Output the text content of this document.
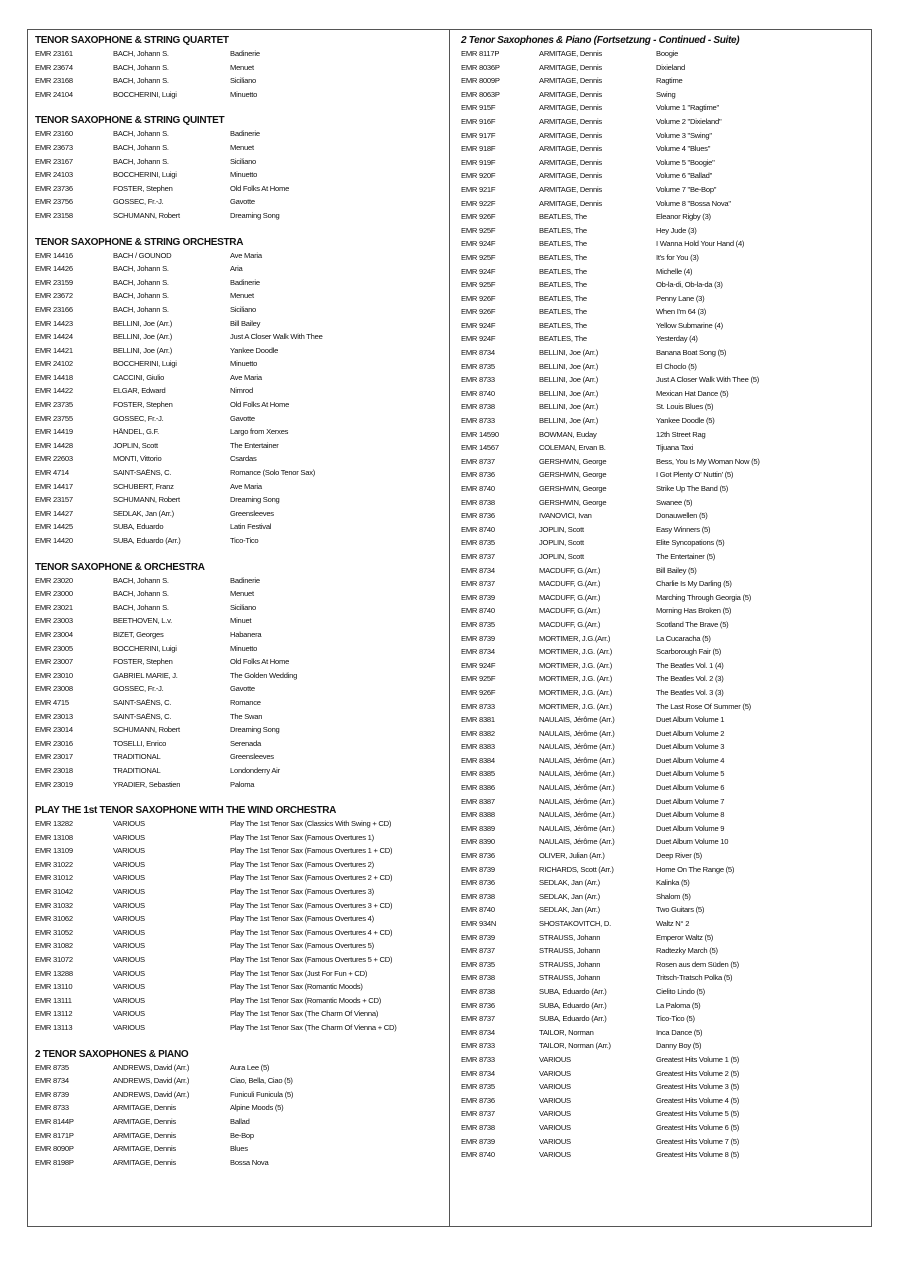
TENOR SAXOPHONE & STRING QUARTET
EMR 23161	BACH, Johann S.	Badinerie
EMR 23674	BACH, Johann S.	Menuet
EMR 23168	BACH, Johann S.	Siciliano
EMR 24104	BOCCHERINI, Luigi	Minuetto
TENOR SAXOPHONE & STRING QUINTET
EMR 23160	BACH, Johann S.	Badinerie
EMR 23673	BACH, Johann S.	Menuet
EMR 23167	BACH, Johann S.	Siciliano
EMR 24103	BOCCHERINI, Luigi	Minuetto
EMR 23736	FOSTER, Stephen	Old Folks At Home
EMR 23756	GOSSEC, Fr.-J.	Gavotte
EMR 23158	SCHUMANN, Robert	Dreaming Song
TENOR SAXOPHONE & STRING ORCHESTRA
EMR 14416	BACH / GOUNOD	Ave Maria
EMR 14426	BACH, Johann S.	Aria
EMR 23159	BACH, Johann S.	Badinerie
EMR 23672	BACH, Johann S.	Menuet
EMR 23166	BACH, Johann S.	Siciliano
EMR 14423	BELLINI, Joe (Arr.)	Bill Bailey
EMR 14424	BELLINI, Joe (Arr.)	Just A Closer Walk With Thee
EMR 14421	BELLINI, Joe (Arr.)	Yankee Doodle
EMR 24102	BOCCHERINI, Luigi	Minuetto
EMR 14418	CACCINI, Giulio	Ave Maria
EMR 14422	ELGAR, Edward	Nimrod
EMR 23735	FOSTER, Stephen	Old Folks At Home
EMR 23755	GOSSEC, Fr.-J.	Gavotte
EMR 14419	HÄNDEL, G.F.	Largo from Xerxes
EMR 14428	JOPLIN, Scott	The Entertainer
EMR 22603	MONTI, Vittorio	Csardas
EMR 4714	SAINT-SAËNS, C.	Romance (Solo Tenor Sax)
EMR 14417	SCHUBERT, Franz	Ave Maria
EMR 23157	SCHUMANN, Robert	Dreaming Song
EMR 14427	SEDLAK, Jan (Arr.)	Greensleeves
EMR 14425	SUBA, Eduardo	Latin Festival
EMR 14420	SUBA, Eduardo (Arr.)	Tico-Tico
TENOR SAXOPHONE & ORCHESTRA
EMR 23020	BACH, Johann S.	Badinerie
EMR 23000	BACH, Johann S.	Menuet
EMR 23021	BACH, Johann S.	Siciliano
EMR 23003	BEETHOVEN, L.v.	Minuet
EMR 23004	BIZET, Georges	Habanera
EMR 23005	BOCCHERINI, Luigi	Minuetto
EMR 23007	FOSTER, Stephen	Old Folks At Home
EMR 23010	GABRIEL MARIE, J.	The Golden Wedding
EMR 23008	GOSSEC, Fr.-J.	Gavotte
EMR 4715	SAINT-SAËNS, C.	Romance
EMR 23013	SAINT-SAËNS, C.	The Swan
EMR 23014	SCHUMANN, Robert	Dreaming Song
EMR 23016	TOSELLI, Enrico	Serenada
EMR 23017	TRADITIONAL	Greensleeves
EMR 23018	TRADITIONAL	Londonderry Air
EMR 23019	YRADIER, Sebastien	Paloma
PLAY THE 1st TENOR SAXOPHONE WITH THE WIND ORCHESTRA
EMR 13282	VARIOUS	Play The 1st Tenor Sax (Classics With Swing + CD)
EMR 13108	VARIOUS	Play The 1st Tenor Sax (Famous Overtures 1)
EMR 13109	VARIOUS	Play The 1st Tenor Sax (Famous Overtures 1 + CD)
EMR 31022	VARIOUS	Play The 1st Tenor Sax (Famous Overtures 2)
EMR 31012	VARIOUS	Play The 1st Tenor Sax (Famous Overtures 2 + CD)
EMR 31042	VARIOUS	Play The 1st Tenor Sax (Famous Overtures 3)
EMR 31032	VARIOUS	Play The 1st Tenor Sax (Famous Overtures 3 + CD)
EMR 31062	VARIOUS	Play The 1st Tenor Sax (Famous Overtures 4)
EMR 31052	VARIOUS	Play The 1st Tenor Sax (Famous Overtures 4 + CD)
EMR 31082	VARIOUS	Play The 1st Tenor Sax (Famous Overtures 5)
EMR 31072	VARIOUS	Play The 1st Tenor Sax (Famous Overtures 5 + CD)
EMR 13288	VARIOUS	Play The 1st Tenor Sax (Just For Fun + CD)
EMR 13110	VARIOUS	Play The 1st Tenor Sax (Romantic Moods)
EMR 13111	VARIOUS	Play The 1st Tenor Sax (Romantic Moods + CD)
EMR 13112	VARIOUS	Play The 1st Tenor Sax (The Charm Of Vienna)
EMR 13113	VARIOUS	Play The 1st Tenor Sax (The Charm Of Vienna + CD)
2 TENOR SAXOPHONES & PIANO
EMR 8735	ANDREWS, David (Arr.)	Aura Lee (5)
EMR 8734	ANDREWS, David (Arr.)	Ciao, Bella, Ciao (5)
EMR 8739	ANDREWS, David (Arr.)	Funiculi Funicula (5)
EMR 8733	ARMITAGE, Dennis	Alpine Moods (5)
EMR 8144P	ARMITAGE, Dennis	Ballad
EMR 8171P	ARMITAGE, Dennis	Be-Bop
EMR 8090P	ARMITAGE, Dennis	Blues
EMR 8198P	ARMITAGE, Dennis	Bossa Nova
2 Tenor Saxophones & Piano (Fortsetzung - Continued - Suite)
EMR 8117P	ARMITAGE, Dennis	Boogie
EMR 8036P	ARMITAGE, Dennis	Dixieland
EMR 8009P	ARMITAGE, Dennis	Ragtime
EMR 8063P	ARMITAGE, Dennis	Swing
EMR 915F	ARMITAGE, Dennis	Volume 1 "Ragtime"
EMR 916F	ARMITAGE, Dennis	Volume 2 "Dixieland"
EMR 917F	ARMITAGE, Dennis	Volume 3 "Swing"
EMR 918F	ARMITAGE, Dennis	Volume 4 "Blues"
EMR 919F	ARMITAGE, Dennis	Volume 5 "Boogie"
EMR 920F	ARMITAGE, Dennis	Volume 6 "Ballad"
EMR 921F	ARMITAGE, Dennis	Volume 7 "Be-Bop"
EMR 922F	ARMITAGE, Dennis	Volume 8 "Bossa Nova"
EMR 926F	BEATLES, The	Eleanor Rigby (3)
EMR 925F	BEATLES, The	Hey Jude (3)
EMR 924F	BEATLES, The	I Wanna Hold Your Hand (4)
EMR 925F	BEATLES, The	It's for You (3)
EMR 924F	BEATLES, The	Michelle (4)
EMR 925F	BEATLES, The	Ob-la-di, Ob-la-da (3)
EMR 926F	BEATLES, The	Penny Lane (3)
EMR 926F	BEATLES, The	When I'm 64 (3)
EMR 924F	BEATLES, The	Yellow Submarine (4)
EMR 924F	BEATLES, The	Yesterday (4)
EMR 8734	BELLINI, Joe (Arr.)	Banana Boat Song (5)
EMR 8735	BELLINI, Joe (Arr.)	El Choclo (5)
EMR 8733	BELLINI, Joe (Arr.)	Just A Closer Walk With Thee (5)
EMR 8740	BELLINI, Joe (Arr.)	Mexican Hat Dance (5)
EMR 8738	BELLINI, Joe (Arr.)	St. Louis Blues (5)
EMR 8733	BELLINI, Joe (Arr.)	Yankee Doodle (5)
EMR 14590	BOWMAN, Euday	12th Street Rag
EMR 14567	COLEMAN, Ervan B.	Tijuana Taxi
EMR 8737	GERSHWIN, George	Bess, You Is My Woman Now (5)
EMR 8736	GERSHWIN, George	I Got Plenty O' Nuttin' (5)
EMR 8740	GERSHWIN, George	Strike Up The Band (5)
EMR 8738	GERSHWIN, George	Swanee (5)
EMR 8736	IVANOVICI, Ivan	Donauwellen (5)
EMR 8740	JOPLIN, Scott	Easy Winners (5)
EMR 8735	JOPLIN, Scott	Elite Syncopations (5)
EMR 8737	JOPLIN, Scott	The Entertainer (5)
EMR 8734	MACDUFF, G.(Arr.)	Bill Bailey (5)
EMR 8737	MACDUFF, G.(Arr.)	Charlie Is My Darling (5)
EMR 8739	MACDUFF, G.(Arr.)	Marching Through Georgia (5)
EMR 8740	MACDUFF, G.(Arr.)	Morning Has Broken (5)
EMR 8735	MACDUFF, G.(Arr.)	Scotland The Brave (5)
EMR 8739	MORTIMER, J.G.(Arr.)	La Cucaracha (5)
EMR 8734	MORTIMER, J.G. (Arr.)	Scarborough Fair (5)
EMR 924F	MORTIMER, J.G. (Arr.)	The Beatles Vol. 1 (4)
EMR 925F	MORTIMER, J.G. (Arr.)	The Beatles Vol. 2 (3)
EMR 926F	MORTIMER, J.G. (Arr.)	The Beatles Vol. 3 (3)
EMR 8733	MORTIMER, J.G. (Arr.)	The Last Rose Of Summer (5)
EMR 8381	NAULAIS, Jérôme (Arr.)	Duet Album Volume 1
EMR 8382	NAULAIS, Jérôme (Arr.)	Duet Album Volume 2
EMR 8383	NAULAIS, Jérôme (Arr.)	Duet Album Volume 3
EMR 8384	NAULAIS, Jérôme (Arr.)	Duet Album Volume 4
EMR 8385	NAULAIS, Jérôme (Arr.)	Duet Album Volume 5
EMR 8386	NAULAIS, Jérôme (Arr.)	Duet Album Volume 6
EMR 8387	NAULAIS, Jérôme (Arr.)	Duet Album Volume 7
EMR 8388	NAULAIS, Jérôme (Arr.)	Duet Album Volume 8
EMR 8389	NAULAIS, Jérôme (Arr.)	Duet Album Volume 9
EMR 8390	NAULAIS, Jérôme (Arr.)	Duet Album Volume 10
EMR 8736	OLIVER, Julian (Arr.)	Deep River (5)
EMR 8739	RICHARDS, Scott (Arr.)	Home On The Range (5)
EMR 8736	SEDLAK, Jan (Arr.)	Kalinka (5)
EMR 8738	SEDLAK, Jan (Arr.)	Shalom (5)
EMR 8740	SEDLAK, Jan (Arr.)	Two Guitars (5)
EMR 934N	SHOSTAKOVITCH, D.	Waltz N° 2
EMR 8739	STRAUSS, Johann	Emperor Waltz (5)
EMR 8737	STRAUSS, Johann	Radtezky March (5)
EMR 8735	STRAUSS, Johann	Rosen aus dem Süden (5)
EMR 8738	STRAUSS, Johann	Tritsch-Tratsch Polka (5)
EMR 8738	SUBA, Eduardo (Arr.)	Cielito Lindo (5)
EMR 8736	SUBA, Eduardo (Arr.)	La Paloma (5)
EMR 8737	SUBA, Eduardo (Arr.)	Tico-Tico (5)
EMR 8734	TAILOR, Norman	Inca Dance (5)
EMR 8733	TAILOR, Norman (Arr.)	Danny Boy (5)
EMR 8733	VARIOUS	Greatest Hits Volume 1 (5)
EMR 8734	VARIOUS	Greatest Hits Volume 2 (5)
EMR 8735	VARIOUS	Greatest Hits Volume 3 (5)
EMR 8736	VARIOUS	Greatest Hits Volume 4 (5)
EMR 8737	VARIOUS	Greatest Hits Volume 5 (5)
EMR 8738	VARIOUS	Greatest Hits Volume 6 (5)
EMR 8739	VARIOUS	Greatest Hits Volume 7 (5)
EMR 8740	VARIOUS	Greatest Hits Volume 8 (5)
